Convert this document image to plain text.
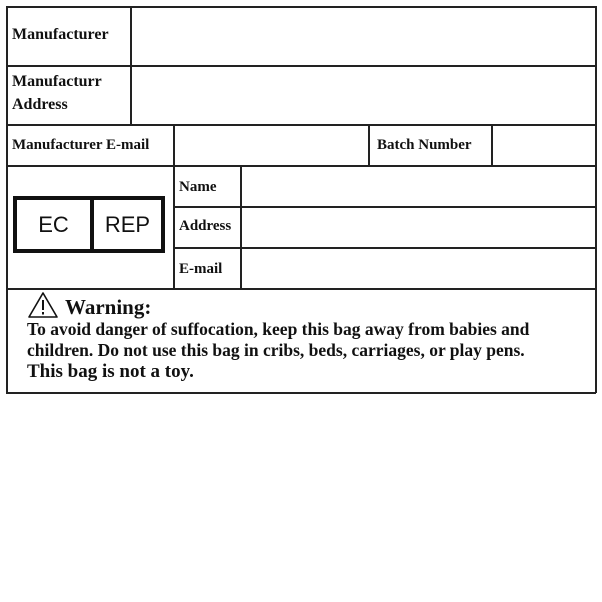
Manufacturer
Manufacturr
Address
Manufacturer E-mail	Batch Number
EC	REP
Name
Address
E-mail
Warning:

To avoid danger of suffocation, keep this bag away from babies and children. Do not use this bag in cribs, beds, carriages, or play pens.

This bag is not a toy.
